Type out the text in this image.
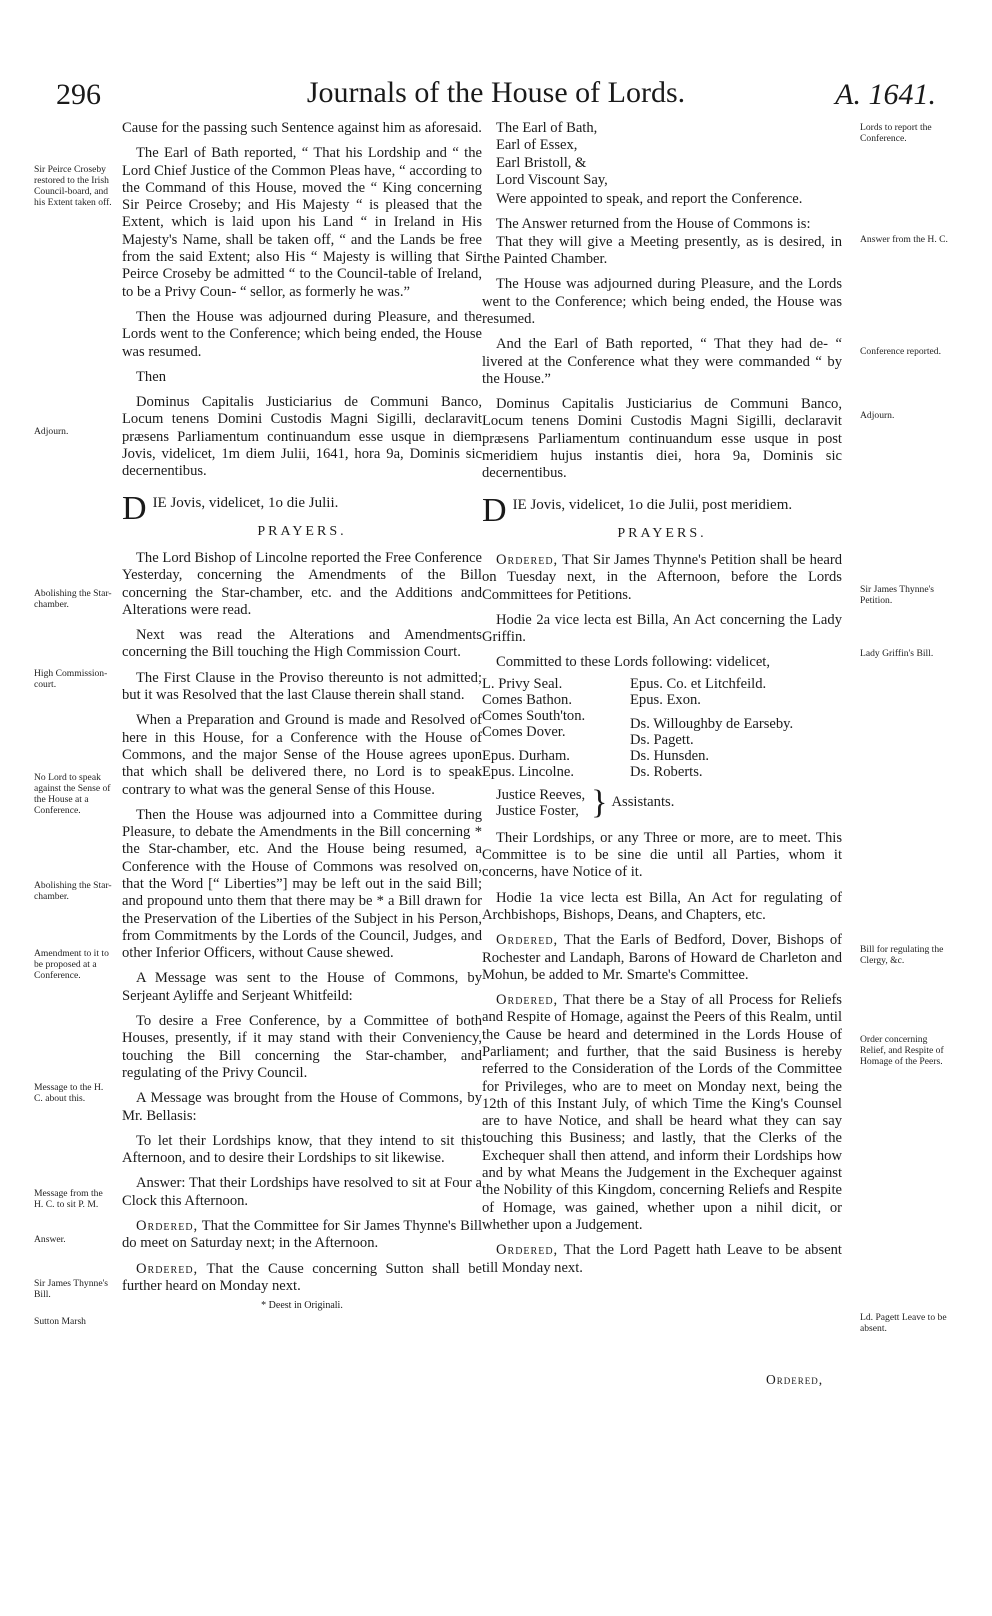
296	Journals of the House of Lords.	A. 1641.
Sir Peirce Croseby restored to the Irish Council-board, and his Extent taken off.
Adjourn.
Abolishing the Star-chamber.
High Commission-court.
No Lord to speak against the Sense of the House at a Conference.
Abolishing the Star-chamber.
Amendment to it to be proposed at a Conference.
Message to the H. C. about this.
Message from the H. C. to sit P. M.
Answer.
Sir James Thynne's Bill.
Sutton Marsh
Lords to report the Conference.
Answer from the H. C.
Conference reported.
Adjourn.
Sir James Thynne's Petition.
Lady Griffin's Bill.
Bill for regulating the Clergy, &c.
Order concerning Relief, and Respite of Homage of the Peers.
Ld. Pagett Leave to be absent.

Cause for the passing such Sentence against him as aforesaid.

The Earl of Bath reported, “ That his Lordship and “ the Lord Chief Justice of the Common Pleas have, “ according to the Command of this House, moved the “ King concerning Sir Peirce Croseby; and His Majesty “ is pleased that the Extent, which is laid upon his Land “ in Ireland in His Majesty's Name, shall be taken off, “ and the Lands be free from the said Extent; also His “ Majesty is willing that Sir Peirce Croseby be admitted “ to the Council-table of Ireland, to be a Privy Coun- “ sellor, as formerly he was.”

Then the House was adjourned during Pleasure, and the Lords went to the Conference; which being ended, the House was resumed.

Then

Dominus Capitalis Justiciarius de Communi Banco, Locum tenens Domini Custodis Magni Sigilli, declaravit præsens Parliamentum continuandum esse usque in diem Jovis, videlicet, 1m diem Julii, 1641, hora 9a, Dominis sic decernentibus.

D IE Jovis, videlicet, 1o die Julii.
PRAYERS.

The Lord Bishop of Lincolne reported the Free Conference Yesterday, concerning the Amendments of the Bill concerning the Star-chamber, etc. and the Additions and Alterations were read.

Next was read the Alterations and Amendments concerning the Bill touching the High Commission Court.

The First Clause in the Proviso thereunto is not admitted; but it was Resolved that the last Clause therein shall stand.

When a Preparation and Ground is made and Resolved of here in this House, for a Conference with the House of Commons, and the major Sense of the House agrees upon that which shall be delivered there, no Lord is to speak contrary to what was the general Sense of this House.

Then the House was adjourned into a Committee during Pleasure, to debate the Amendments in the Bill concerning * the Star-chamber, etc. And the House being resumed, a Conference with the House of Commons was resolved on, that the Word [“ Liberties”] may be left out in the said Bill; and propound unto them that there may be * a Bill drawn for the Preservation of the Liberties of the Subject in his Person, from Commitments by the Lords of the Council, Judges, and other Inferior Officers, without Cause shewed.

A Message was sent to the House of Commons, by Serjeant Ayliffe and Serjeant Whitfeild:

To desire a Free Conference, by a Committee of both Houses, presently, if it may stand with their Conveniency, touching the Bill concerning the Star-chamber, and regulating of the Privy Council.

A Message was brought from the House of Commons, by Mr. Bellasis:

To let their Lordships know, that they intend to sit this Afternoon, and to desire their Lordships to sit likewise.

Answer: That their Lordships have resolved to sit at Four a Clock this Afternoon.

Ordered, That the Committee for Sir James Thynne's Bill do meet on Saturday next; in the Afternoon.

Ordered, That the Cause concerning Sutton shall be further heard on Monday next.

* Deest in Originali.
The Earl of Bath,
Earl of Essex,
Earl Bristoll, &
Lord Viscount Say,

Were appointed to speak, and report the Conference.

The Answer returned from the House of Commons is:

That they will give a Meeting presently, as is desired, in the Painted Chamber.

The House was adjourned during Pleasure, and the Lords went to the Conference; which being ended, the House was resumed.

And the Earl of Bath reported, “ That they had de- “ livered at the Conference what they were commanded “ by the House.”

Dominus Capitalis Justiciarius de Communi Banco, Locum tenens Domini Custodis Magni Sigilli, declaravit præsens Parliamentum continuandum esse usque in post meridiem hujus instantis diei, hora 9a, Dominis sic decernentibus.

D IE Jovis, videlicet, 1o die Julii, post meridiem.
PRAYERS.

Ordered, That Sir James Thynne's Petition shall be heard on Tuesday next, in the Afternoon, before the Lords Committees for Petitions.

Hodie 2a vice lecta est Billa, An Act concerning the Lady Griffin.

Committed to these Lords following: videlicet,

L. Privy Seal.
Comes Bathon.
Comes South'ton.
Comes Dover.
Epus. Durham.
Epus. Lincolne.
Epus. Co. et Litchfeild.
Epus. Exon.
Ds. Willoughby de Earseby.
Ds. Pagett.
Ds. Hunsden.
Ds. Roberts.
Justice Reeves,
Justice Foster, } Assistants.

Their Lordships, or any Three or more, are to meet. This Committee is to be sine die until all Parties, whom it concerns, have Notice of it.

Hodie 1a vice lecta est Billa, An Act for regulating of Archbishops, Bishops, Deans, and Chapters, etc.

Ordered, That the Earls of Bedford, Dover, Bishops of Rochester and Landaph, Barons of Howard de Charleton and Mohun, be added to Mr. Smarte's Committee.

Ordered, That there be a Stay of all Process for Reliefs and Respite of Homage, against the Peers of this Realm, until the Cause be heard and determined in the Lords House of Parliament; and further, that the said Business is hereby referred to the Consideration of the Lords of the Committee for Privileges, who are to meet on Monday next, being the 12th of this Instant July, of which Time the King's Counsel are to have Notice, and shall be heard what they can say touching this Business; and lastly, that the Clerks of the Exchequer shall then attend, and inform their Lordships how and by what Means the Judgement in the Exchequer against the Nobility of this Kingdom, concerning Reliefs and Respite of Homage, was gained, whether upon a nihil dicit, or whether upon a Judgement.

Ordered, That the Lord Pagett hath Leave to be absent till Monday next.

Ordered,
